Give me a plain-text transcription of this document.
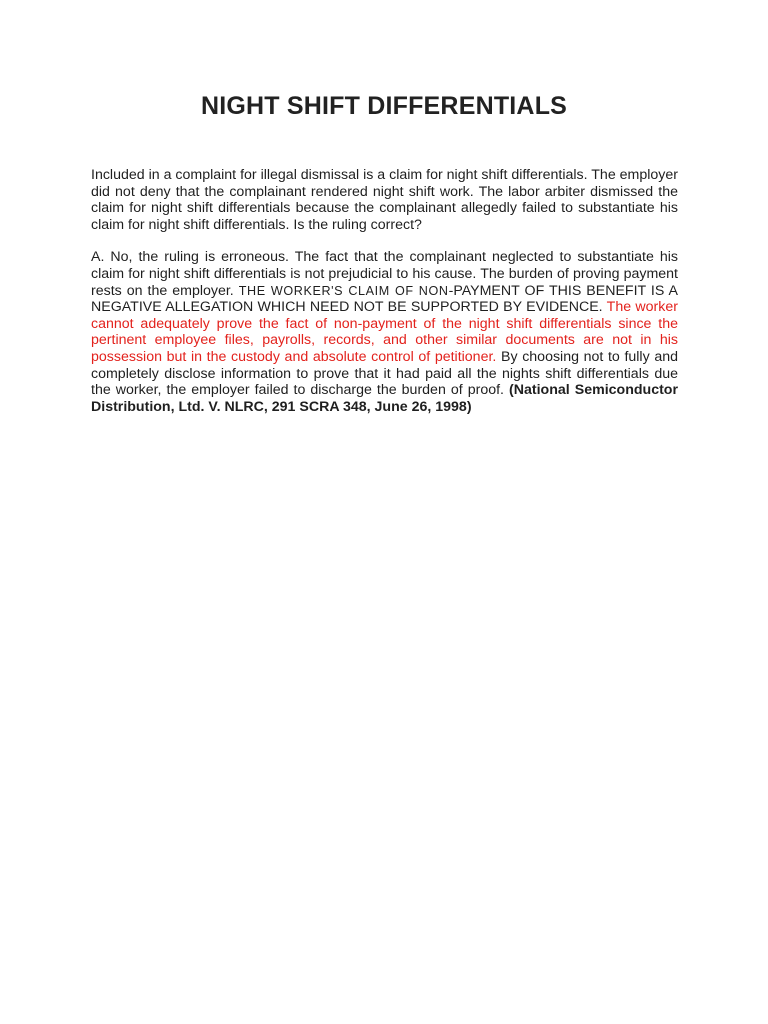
NIGHT SHIFT DIFFERENTIALS

Included in a complaint for illegal dismissal is a claim for night shift differentials. The employer did not deny that the complainant rendered night shift work. The labor arbiter dismissed the claim for night shift differentials because the complainant allegedly failed to substantiate his claim for night shift differentials. Is the ruling correct?

A. No, the ruling is erroneous. The fact that the complainant neglected to substantiate his claim for night shift differentials is not prejudicial to his cause. The burden of proving payment rests on the employer. THE WORKER'S CLAIM OF NON-PAYMENT OF THIS BENEFIT IS A NEGATIVE ALLEGATION WHICH NEED NOT BE SUPPORTED BY EVIDENCE. The worker cannot adequately prove the fact of non-payment of the night shift differentials since the pertinent employee files, payrolls, records, and other similar documents are not in his possession but in the custody and absolute control of petitioner. By choosing not to fully and completely disclose information to prove that it had paid all the nights shift differentials due the worker, the employer failed to discharge the burden of proof. (National Semiconductor Distribution, Ltd. V. NLRC, 291 SCRA 348, June 26, 1998)
